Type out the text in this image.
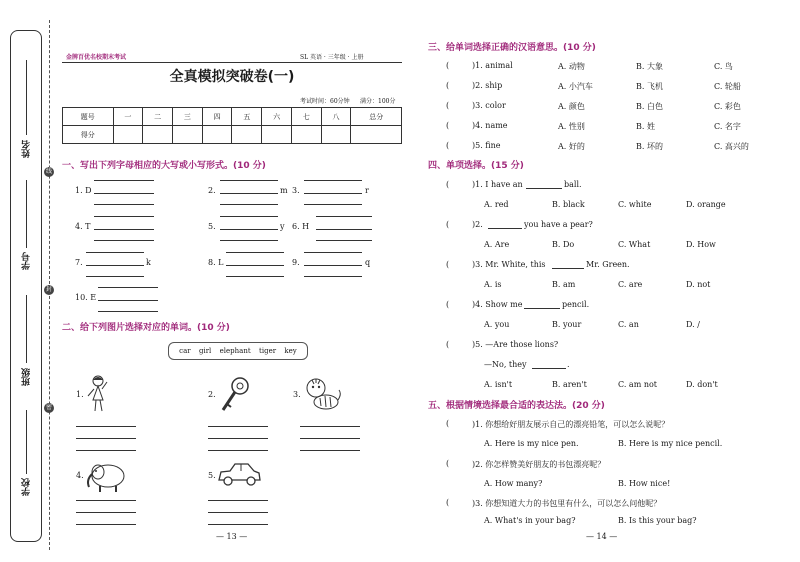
姓名
学号
班级
学校
线
封
密
金牌百优名校期末考试	SL 英语 · 三年级 · 上册
全真模拟突破卷(一)
考试时间：60分钟 满分：100分
题号	一	二	三	四	五	六	七	八	总分
得分									
一、写出下列字母相应的大写或小写形式。(10 分)
1. D	2.	m 3.	r
4. T	5.	y 6. H
7.	k	8. L	9.	q
10. E
二、给下列图片选择对应的单词。(10 分)
car girl elephant tiger key
1.	2.	3.
4.	5.
— 13 —
三、给单词选择正确的汉语意思。(10 分)
(	)1. animal	A. 动物	B. 大象	C. 鸟
(	)2. ship	A. 小汽车	B. 飞机	C. 轮船
(	)3. color	A. 颜色	B. 白色	C. 彩色
(	)4. name	A. 性别	B. 姓	C. 名字
(	)5. fine	A. 好的	B. 坏的	C. 高兴的
四、单项选择。(15 分)
(	)1. I have an	ball.
A. red	B. black	C. white	D. orange
(	)2.	you have a pear?
A. Are	B. Do	C. What	D. How
(	)3. Mr. White, this	Mr. Green.
A. is	B. am	C. are	D. not
(	)4. Show me	pencil.
A. you	B. your	C. an	D. /
(	)5. —Are those lions?
—No, they	.
A. isn't	B. aren't	C. am not	D. don't
五、根据情境选择最合适的表达法。(20 分)
(	)1. 你想给好朋友展示自己的漂亮铅笔，可以怎么说呢？
A. Here is my nice pen.	B. Here is my nice pencil.
(	)2. 你怎样赞美好朋友的书包漂亮呢？
A. How many?	B. How nice!
(	)3. 你想知道大力的书包里有什么，可以怎么问他呢？
A. What's in your bag?	B. Is this your bag?
— 14 —
